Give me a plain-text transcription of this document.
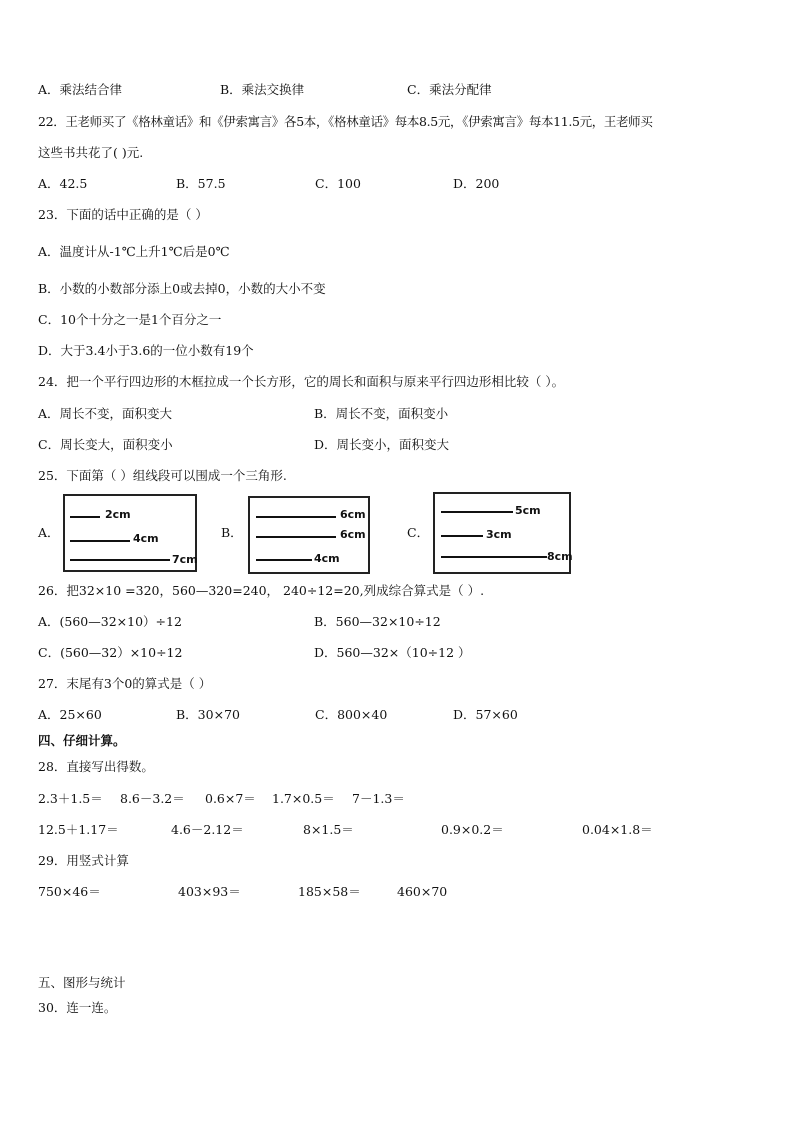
A．乘法结合律	B．乘法交换律	C．乘法分配律
22．王老师买了《格林童话》和《伊索寓言》各5本，《格林童话》每本8.5元，《伊索寓言》每本11.5元，王老师买
这些书共花了( )元.
A．42.5	B．57.5	C．100	D．200
23．下面的话中正确的是（ ）
A．温度计从-1℃上升1℃后是0℃
B．小数的小数部分添上0或去掉0，小数的大小不变
C．10个十分之一是1个百分之一
D．大于3.4小于3.6的一位小数有19个
24．把一个平行四边形的木框拉成一个长方形，它的周长和面积与原来平行四边形相比较（ ）。
A．周长不变，面积变大	B．周长不变，面积变小
C．周长变大，面积变小	D．周长变小，面积变大
25．下面第（ ）组线段可以围成一个三角形.
A．
2cm
4cm
7cm
B．
6cm
6cm
4cm
C．
5cm
3cm
8cm
26．把32×10 =320，560—320=240， 240÷12=20,列成综合算式是（ ）.
A．(560—32×10）÷12	B．560—32×10÷12
C．(560—32）×10÷12	D．560—32×（10÷12 ）
27．末尾有3个0的算式是（ ）
A．25×60	B．30×70	C．800×40	D．57×60
四、仔细计算。
28．直接写出得数。
2.3＋1.5＝ 8.6－3.2＝ 0.6×7＝ 1.7×0.5＝ 7－1.3＝
12.5＋1.17＝	4.6－2.12＝	8×1.5＝	0.9×0.2＝	0.04×1.8＝
29．用竖式计算
750×46＝	403×93＝	185×58＝	460×70
五、图形与统计
30．连一连。
